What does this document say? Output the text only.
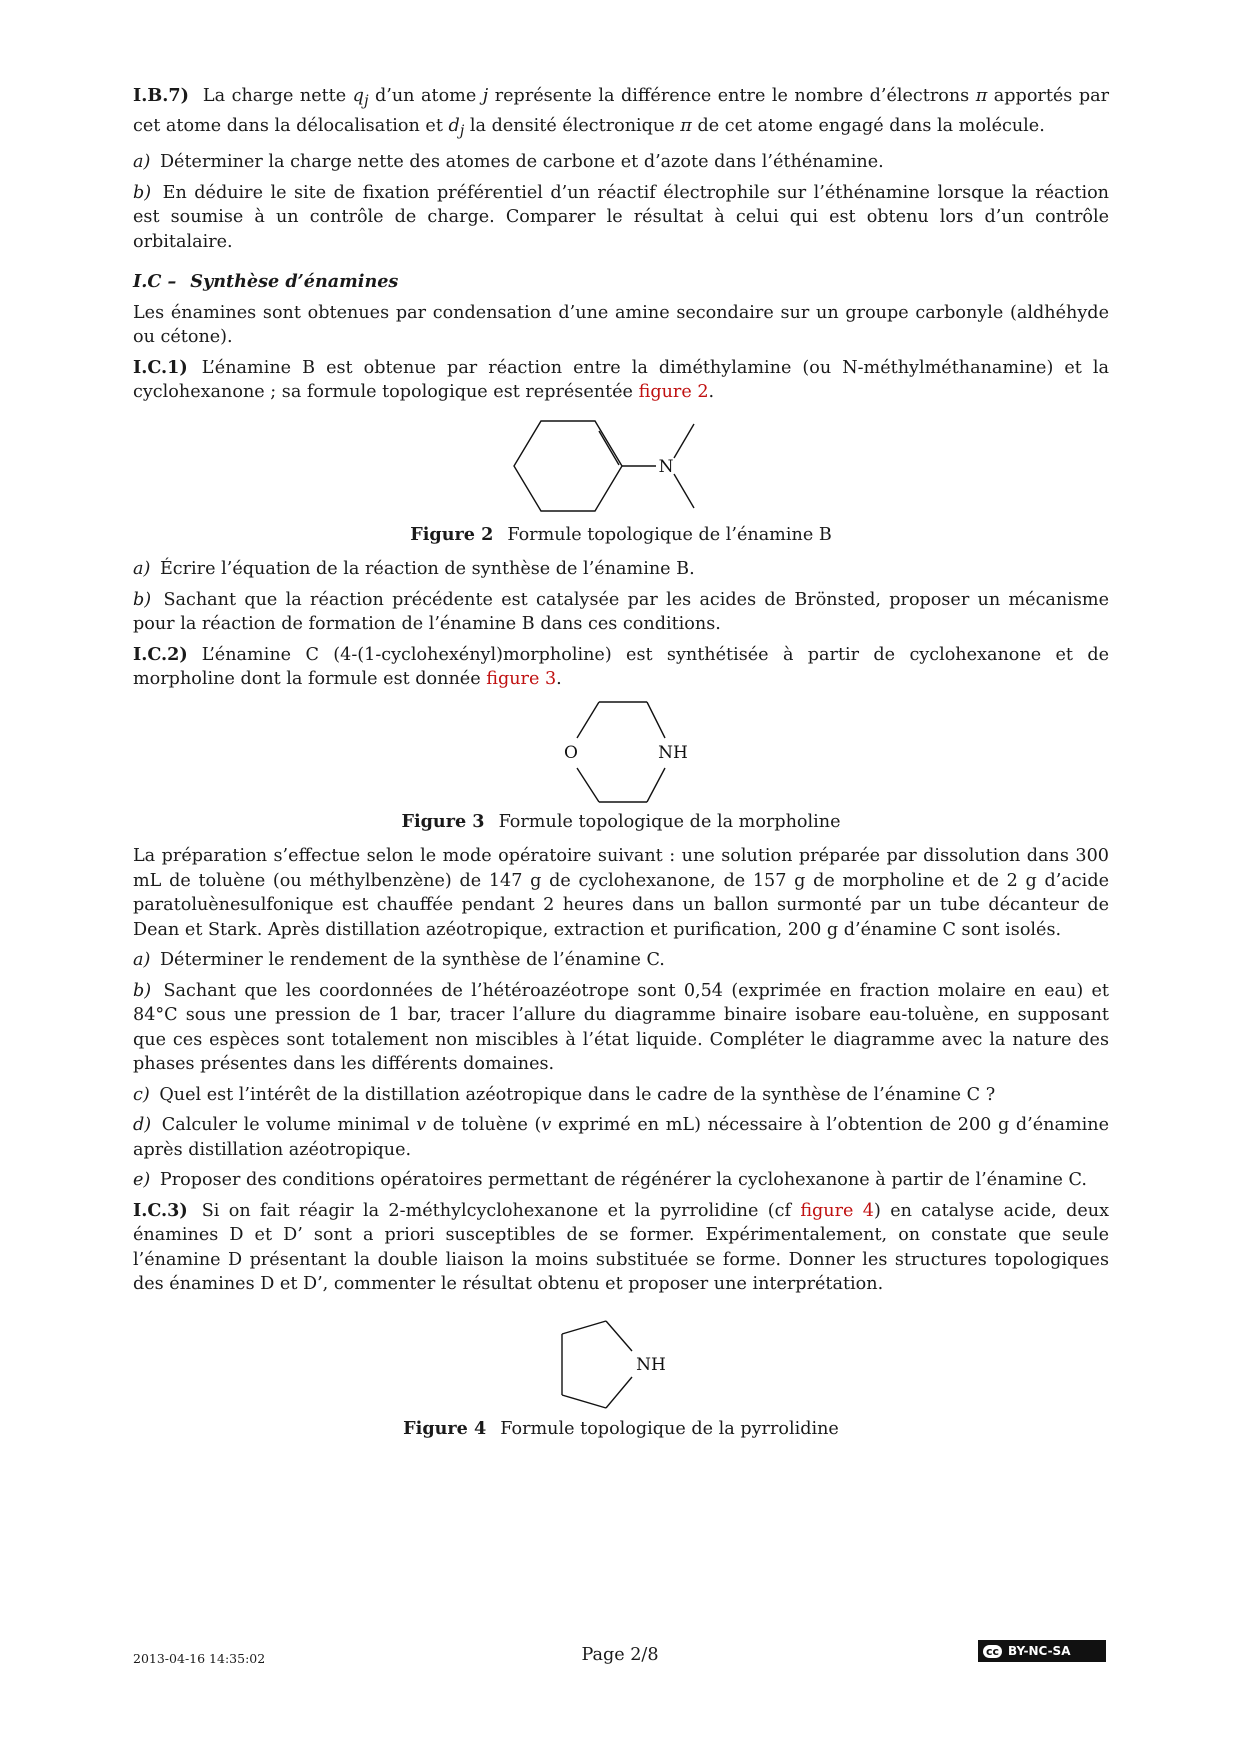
I.B.7) La charge nette $q_j$ d’un atome j représente la différence entre le nombre d’électrons π apportés par cet atome dans la délocalisation et $d_j$ la densité électronique π de cet atome engagé dans la molécule.

a) Déterminer la charge nette des atomes de carbone et d’azote dans l’éthénamine.

b) En déduire le site de fixation préférentiel d’un réactif électrophile sur l’éthénamine lorsque la réaction est soumise à un contrôle de charge. Comparer le résultat à celui qui est obtenu lors d’un contrôle orbitalaire.

I.C – Synthèse d’énamines

Les énamines sont obtenues par condensation d’une amine secondaire sur un groupe carbonyle (aldhéhyde ou cétone).

I.C.1) L’énamine B est obtenue par réaction entre la diméthylamine (ou N-méthylméthanamine) et la cyclohexanone ; sa formule topologique est représentée figure 2.

N
Figure 2 Formule topologique de l’énamine B

a) Écrire l’équation de la réaction de synthèse de l’énamine B.

b) Sachant que la réaction précédente est catalysée par les acides de Brönsted, proposer un mécanisme pour la réaction de formation de l’énamine B dans ces conditions.

I.C.2) L’énamine C (4-(1-cyclohexényl)morpholine) est synthétisée à partir de cyclohexanone et de morpholine dont la formule est donnée figure 3.

O	NH
Figure 3 Formule topologique de la morpholine

La préparation s’effectue selon le mode opératoire suivant : une solution préparée par dissolution dans 300 mL de toluène (ou méthylbenzène) de 147 g de cyclohexanone, de 157 g de morpholine et de 2 g d’acide paratoluènesulfonique est chauffée pendant 2 heures dans un ballon surmonté par un tube décanteur de Dean et Stark. Après distillation azéotropique, extraction et purification, 200 g d’énamine C sont isolés.

a) Déterminer le rendement de la synthèse de l’énamine C.

b) Sachant que les coordonnées de l’hétéroazéotrope sont 0,54 (exprimée en fraction molaire en eau) et 84°C sous une pression de 1 bar, tracer l’allure du diagramme binaire isobare eau-toluène, en supposant que ces espèces sont totalement non miscibles à l’état liquide. Compléter le diagramme avec la nature des phases présentes dans les différents domaines.

c) Quel est l’intérêt de la distillation azéotropique dans le cadre de la synthèse de l’énamine C ?

d) Calculer le volume minimal v de toluène (v exprimé en mL) nécessaire à l’obtention de 200 g d’énamine après distillation azéotropique.

e) Proposer des conditions opératoires permettant de régénérer la cyclohexanone à partir de l’énamine C.

I.C.3) Si on fait réagir la 2-méthylcyclohexanone et la pyrrolidine (cf figure 4) en catalyse acide, deux énamines D et D’ sont a priori susceptibles de se former. Expérimentalement, on constate que seule l’énamine D présentant la double liaison la moins substituée se forme. Donner les structures topologiques des énamines D et D’, commenter le résultat obtenu et proposer une interprétation.

NH
Figure 4 Formule topologique de la pyrrolidine
2013-04-16 14:35:02	Page 2/8	cc BY-NC-SA
